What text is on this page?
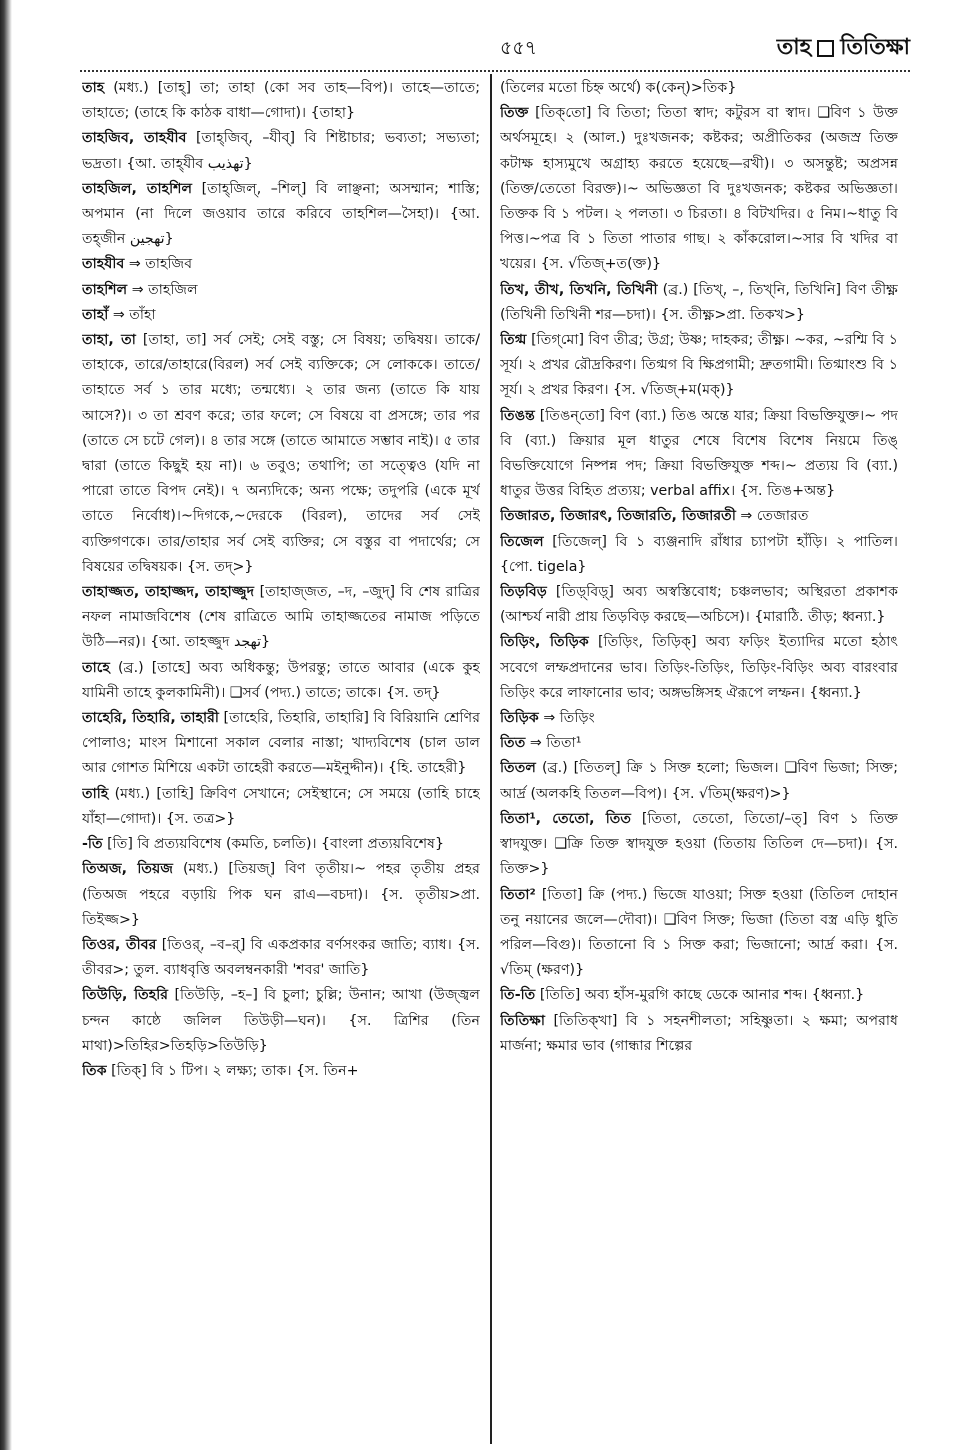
৫৫৭	তাহ তিতিক্ষা

তাহ (মধ্য.) [তাহ্] তা; তাহা (কো সব তাহ—বিপ)। তাহে—তাতে; তাহাতে; (তাহে কি কাঠক বাধা—গোদা)। {তাহা}

তাহজিব, তাহযীব [তাহ্‌জিব্‌, –যীব্‌] বি শিষ্টাচার; ভব্যতা; সভ্যতা; ভদ্রতা। {আ. তাহ্‌যীব تهذيب}

তাহজিল, তাহশিল [তাহ্‌জিল্‌, –শিল্‌] বি লাঞ্ছনা; অসম্মান; শাস্তি; অপমান (না দিলে জওয়াব তারে করিবে তাহশিল—সৈহা)। {আ. তহ্‌জীন تهجين}

তাহযীব ⇒ তাহজিব

তাহশিল ⇒ তাহজিল

তাহাঁ ⇒ তাঁহা

তাহা, তা [তাহা, তা] সর্ব সেই; সেই বস্তু; সে বিষয়; তদ্বিষয়। তাকে/তাহাকে, তারে/তাহারে(বিরল) সর্ব সেই ব্যক্তিকে; সে লোককে। তাতে/তাহাতে সর্ব ১ তার মধ্যে; তন্মধ্যে। ২ তার জন্য (তাতে কি যায় আসে?)। ৩ তা শ্রবণ করে; তার ফলে; সে বিষয়ে বা প্রসঙ্গে; তার পর (তাতে সে চটে গেল)। ৪ তার সঙ্গে (তাতে আমাতে সম্ভাব নাই)। ৫ তার দ্বারা (তাতে কিছুই হয় না)। ৬ তবুও; তথাপি; তা সত্ত্বেও (যদি না পারো তাতে বিপদ নেই)। ৭ অন্যদিকে; অন্য পক্ষে; তদুপরি (একে মূর্খ তাতে নির্বোধ)।~দিগকে,~দেরকে (বিরল), তাদের সর্ব সেই ব্যক্তিগণকে। তার/তাহার সর্ব সেই ব্যক্তির; সে বস্তুর বা পদার্থের; সে বিষয়ের তদ্বিষয়ক। {স. তদ্‌>}

তাহাজ্জত, তাহাজ্জদ, তাহাজ্জুদ [তাহাজ্‌জত, –দ, –জুদ্‌] বি শেষ রাত্রির নফল নামাজবিশেষ (শেষ রাত্রিতে আমি তাহাজ্জতের নামাজ পড়িতে উঠি—নর)। {আ. তাহজ্জুদ تهجد}

তাহে (ব্র.) [তাহে] অব্য অধিকন্তু; উপরন্তু; তাতে আবার (একে কুহ যামিনী তাহে কুলকামিনী)। ❑সর্ব (পদ্য.) তাতে; তাকে। {স. তদ্‌}

তাহেরি, তিহারি, তাহারী [তাহেরি, তিহারি, তাহারি] বি বিরিয়ানি শ্রেণির পোলাও; মাংস মিশানো সকাল বেলার নাস্তা; খাদ্যবিশেষ (চাল ডাল আর গোশত মিশিয়ে একটা তাহেরী করতে—মইনুদ্দীন)। {হি. তাহেরী}

তাহি (মধ্য.) [তাহি] ক্রিবিণ সেখানে; সেইস্থানে; সে সময়ে (তাহি চাহে যাঁহা—গোদা)। {স. তত্র>}

-তি [তি] বি প্রত্যয়বিশেষ (কমতি, চলতি)। {বাংলা প্রত্যয়বিশেষ}

তিঅজ, তিয়জ (মধ্য.) [তিয়জ্‌] বিণ তৃতীয়।~ পহর তৃতীয় প্রহর (তিঅজ পহরে বড়ায়ি পিক ঘন রাএ—বচদা)। {স. তৃতীয়>প্রা. তিইজ্জ>}

তিওর, তীবর [তিওর্‌, –ব–র্‌] বি একপ্রকার বর্ণসংকর জাতি; ব্যাধ। {স. তীবর>; তুল. ব্যাধবৃত্তি অবলম্বনকারী 'শবর' জাতি}

তিউড়ি, তিহরি [তিউড়ি, –হ–] বি চুলা; চুল্লি; উনান; আখা (উজ্জ্বল চন্দন কাষ্ঠে জলিল তিউড়ী—ঘন)। {স. ত্রিশির (তিন মাথা)>তিহির>তিহড়ি>তিউড়ি}

তিক [তিক্‌] বি ১ টিপ। ২ লক্ষ্য; তাক। {স. তিন+

(তিলের মতো চিহ্ন অর্থে) ক(কেন্‌)>তিক}

তিক্ত [তিক্‌তো] বি তিতা; তিতা স্বাদ; কটুরস বা স্বাদ। ❑বিণ ১ উক্ত অর্থসমূহে। ২ (আল.) দুঃখজনক; কষ্টকর; অপ্রীতিকর (অজস্র তিক্ত কটাক্ষ হাস্যমুখে অগ্রাহ্য করতে হয়েছে—রখী)। ৩ অসন্তুষ্ট; অপ্রসন্ন (তিক্ত/তেতো বিরক্ত)।~ অভিজ্ঞতা বি দুঃখজনক; কষ্টকর অভিজ্ঞতা। তিক্তক বি ১ পটল। ২ পলতা। ৩ চিরতা। ৪ বিটখদির। ৫ নিম।~ধাতু বি পিত্ত।~পত্র বি ১ তিতা পাতার গাছ। ২ কাঁকরোল।~সার বি খদির বা খয়ের। {স. √তিজ্‌+ত(ক্ত)}

তিখ, তীখ, তিখনি, তিখিনী (ব্র.) [তিখ্‌, –, তিখ্‌নি, তিখিনি] বিণ তীক্ষ্ণ (তিখিনী তিখিনী শর—চদা)। {স. তীক্ষ্ণ>প্রা. তিকখ>}

তিগ্ম [তিগ্‌মো] বিণ তীব্র; উগ্র; উষ্ণ; দাহকর; তীক্ষ্ণ। ~কর, ~রশ্মি বি ১ সূর্য। ২ প্রখর রৌদ্রকিরণ। তিগ্মগ বি ক্ষিপ্রগামী; দ্রুতগামী। তিগ্মাংশু বি ১ সূর্য। ২ প্রখর কিরণ। {স. √তিজ্‌+ম(মক্‌)}

তিঙন্ত [তিঙন্‌তো] বিণ (ব্যা.) তিঙ অন্তে যার; ক্রিয়া বিভক্তিযুক্ত।~ পদ বি (ব্যা.) ক্রিয়ার মূল ধাতুর শেষে বিশেষ বিশেষ নিয়মে তিঙ্‌ বিভক্তিযোগে নিষ্পন্ন পদ; ক্রিয়া বিভক্তিযুক্ত শব্দ।~ প্রত্যয় বি (ব্যা.) ধাতুর উত্তর বিহিত প্রত্যয়; verbal affix। {স. তিঙ+অন্ত}

তিজারত, তিজারৎ, তিজারতি, তিজারতী ⇒ তেজারত

তিজেল [তিজেল্‌] বি ১ ব্যঞ্জনাদি রাঁধার চ্যাপটা হাঁড়ি। ২ পাতিল। {পো. tigela}

তিড়বিড় [তিড়্‌বিড়্‌] অব্য অস্বস্তিবোধ; চঞ্চলভাব; অস্থিরতা প্রকাশক (আশ্চর্য নারী প্রায় তিড়বিড় করছে—অচিসে)। {মারাঠি. তীড়; ধ্বন্যা.}

তিড়িং, তিড়িক [তিড়িং, তিড়িক্‌] অব্য ফড়িং ইত্যাদির মতো হঠাৎ সবেগে লম্ফপ্রদানের ভাব। তিড়িং-তিড়িং, তিড়িং-বিড়িং অব্য বারংবার তিড়িং করে লাফানোর ভাব; অঙ্গভঙ্গিসহ ঐরূপে লম্ফন। {ধ্বন্যা.}

তিড়িক ⇒ তিড়িং

তিত ⇒ তিতা¹

তিতল (ব্র.) [তিতল্‌] ক্রি ১ সিক্ত হলো; ভিজল। ❑বিণ ভিজা; সিক্ত; আর্দ্র (অলকহি তিতল—বিপ)। {স. √তিম্‌(ক্ষরণ)>}

তিতা¹, তেতো, তিত [তিতা, তেতো, তিতো/–ত্‌] বিণ ১ তিক্ত স্বাদযুক্ত। ❑ক্রি তিক্ত স্বাদযুক্ত হওয়া (তিতায় তিতিল দে—চদা)। {স. তিক্ত>}

তিতা² [তিতা] ক্রি (পদ্য.) ভিজে যাওয়া; সিক্ত হওয়া (তিতিল দোহান তনু নয়ানের জলে—দৌবা)। ❑বিণ সিক্ত; ভিজা (তিতা বস্ত্র এড়ি ধুতি পরিল—বিগু)। তিতানো বি ১ সিক্ত করা; ভিজানো; আর্দ্র করা। {স. √তিম্‌ (ক্ষরণ)}

তি-তি [তিতি] অব্য হাঁস-মুরগি কাছে ডেকে আনার শব্দ। {ধ্বন্যা.}

তিতিক্ষা [তিতিক্‌খা] বি ১ সহনশীলতা; সহিষ্ণুতা। ২ ক্ষমা; অপরাধ মার্জনা; ক্ষমার ভাব (গান্ধার শিল্পের
